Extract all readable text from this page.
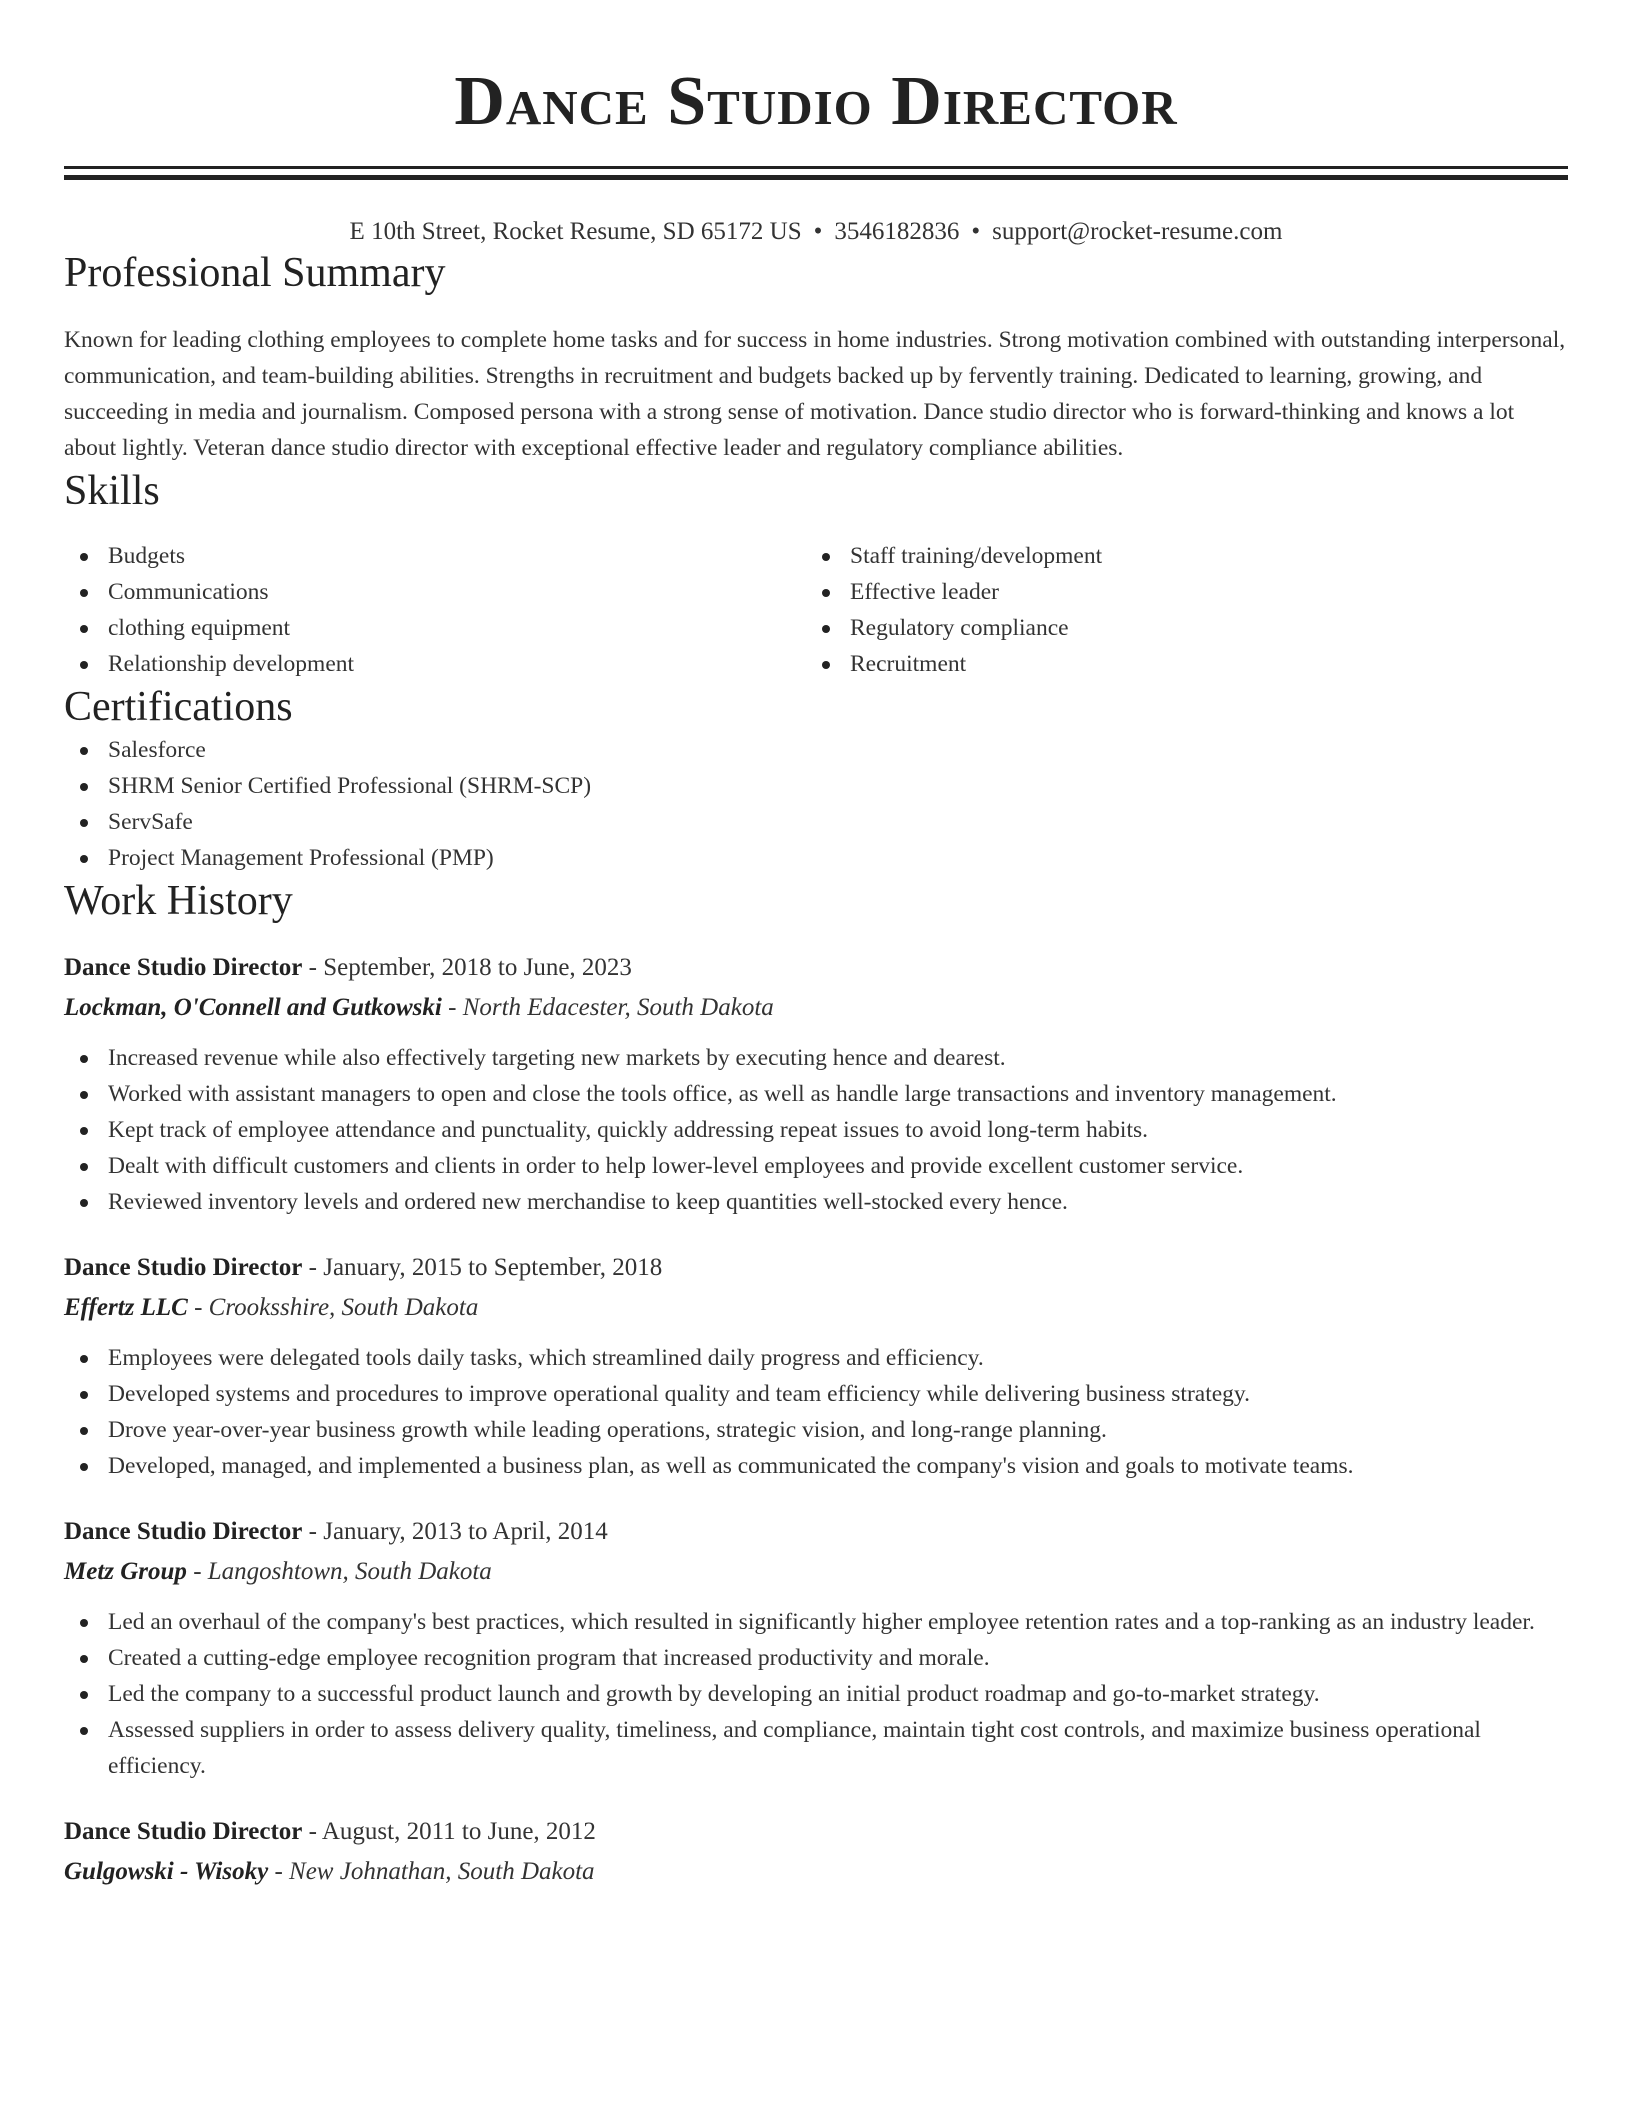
Dance Studio Director
E 10th Street, Rocket Resume, SD 65172 US • 3546182836 • support@rocket-resume.com
Professional Summary

Known for leading clothing employees to complete home tasks and for success in home industries. Strong motivation combined with outstanding interpersonal, communication, and team-building abilities. Strengths in recruitment and budgets backed up by fervently training. Dedicated to learning, growing, and succeeding in media and journalism. Composed persona with a strong sense of motivation. Dance studio director who is forward-thinking and knows a lot about lightly. Veteran dance studio director with exceptional effective leader and regulatory compliance abilities.

Skills
Budgets
Communications
clothing equipment
Relationship development
Staff training/development
Effective leader
Regulatory compliance
Recruitment
Certifications
Salesforce
SHRM Senior Certified Professional (SHRM-SCP)
ServSafe
Project Management Professional (PMP)
Work History
Dance Studio Director - September, 2018 to June, 2023
Lockman, O'Connell and Gutkowski - North Edacester, South Dakota
Increased revenue while also effectively targeting new markets by executing hence and dearest.
Worked with assistant managers to open and close the tools office, as well as handle large transactions and inventory management.
Kept track of employee attendance and punctuality, quickly addressing repeat issues to avoid long-term habits.
Dealt with difficult customers and clients in order to help lower-level employees and provide excellent customer service.
Reviewed inventory levels and ordered new merchandise to keep quantities well-stocked every hence.
Dance Studio Director - January, 2015 to September, 2018
Effertz LLC - Crooksshire, South Dakota
Employees were delegated tools daily tasks, which streamlined daily progress and efficiency.
Developed systems and procedures to improve operational quality and team efficiency while delivering business strategy.
Drove year-over-year business growth while leading operations, strategic vision, and long-range planning.
Developed, managed, and implemented a business plan, as well as communicated the company's vision and goals to motivate teams.
Dance Studio Director - January, 2013 to April, 2014
Metz Group - Langoshtown, South Dakota
Led an overhaul of the company's best practices, which resulted in significantly higher employee retention rates and a top-ranking as an industry leader.
Created a cutting-edge employee recognition program that increased productivity and morale.
Led the company to a successful product launch and growth by developing an initial product roadmap and go-to-market strategy.
Assessed suppliers in order to assess delivery quality, timeliness, and compliance, maintain tight cost controls, and maximize business operational efficiency.
Dance Studio Director - August, 2011 to June, 2012
Gulgowski - Wisoky - New Johnathan, South Dakota
